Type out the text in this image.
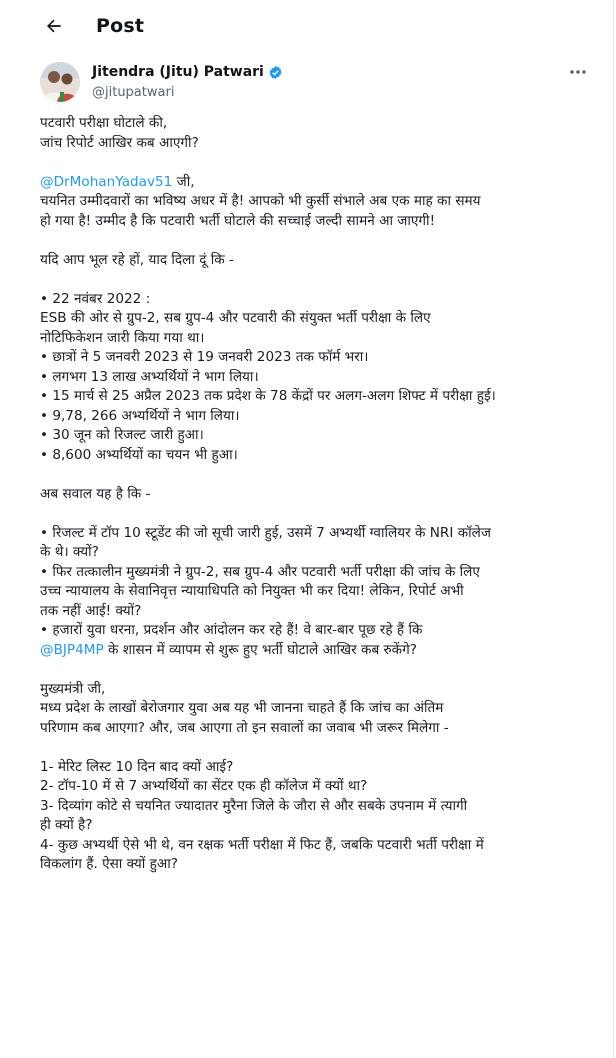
Post
Jitendra (Jitu) Patwari
@jitupatwari
पटवारी परीक्षा घोटाले की,
जांच रिपोर्ट आखिर कब आएगी?
@DrMohanYadav51 जी,
चयनित उम्मीदवारों का भविष्य अधर में है! आपको भी कुर्सी संभाले अब एक माह का समय
हो गया है! उम्मीद है कि पटवारी भर्ती घोटाले की सच्चाई जल्दी सामने आ जाएगी!
यदि आप भूल रहे हों, याद दिला दूं कि -
• 22 नवंबर 2022 :
ESB की ओर से ग्रुप-2, सब ग्रुप-4 और पटवारी की संयुक्त भर्ती परीक्षा के लिए
नोटिफिकेशन जारी किया गया था।
• छात्रों ने 5 जनवरी 2023 से 19 जनवरी 2023 तक फॉर्म भरा।
• लगभग 13 लाख अभ्यर्थियों ने भाग लिया।
• 15 मार्च से 25 अप्रैल 2023 तक प्रदेश के 78 केंद्रों पर अलग-अलग शिफ्ट में परीक्षा हुई।
• 9,78, 266 अभ्यर्थियों ने भाग लिया।
• 30 जून को रिजल्ट जारी हुआ।
• 8,600 अभ्यर्थियों का चयन भी हुआ।
अब सवाल यह है कि -
• रिजल्ट में टॉप 10 स्टूडेंट की जो सूची जारी हुई, उसमें 7 अभ्यर्थी ग्वालियर के NRI कॉलेज
के थे। क्यों?
• फिर तत्कालीन मुख्यमंत्री ने ग्रुप-2, सब ग्रुप-4 और पटवारी भर्ती परीक्षा की जांच के लिए
उच्च न्यायालय के सेवानिवृत्त न्यायाधिपति को नियुक्त भी कर दिया! लेकिन, रिपोर्ट अभी
तक नहीं आई! क्यों?
• हजारों युवा धरना, प्रदर्शन और आंदोलन कर रहे हैं! वे बार-बार पूछ रहे हैं कि
@BJP4MP के शासन में व्यापम से शुरू हुए भर्ती घोटाले आखिर कब रुकेंगे?
मुख्यमंत्री जी,
मध्य प्रदेश के लाखों बेरोजगार युवा अब यह भी जानना चाहते हैं कि जांच का अंतिम
परिणाम कब आएगा? और, जब आएगा तो इन सवालों का जवाब भी जरूर मिलेगा -
1- मेरिट लिस्ट 10 दिन बाद क्यों आई?
2- टॉप-10 में से 7 अभ्यर्थियों का सेंटर एक ही कॉलेज में क्यों था?
3- दिव्यांग कोटे से चयनित ज्यादातर मुरैना जिले के जौरा से और सबके उपनाम में त्यागी
ही क्यों है?
4- कुछ अभ्यर्थी ऐसे भी थे, वन रक्षक भर्ती परीक्षा में फिट हैं, जबकि पटवारी भर्ती परीक्षा में
विकलांग हैं. ऐसा क्यों हुआ?
